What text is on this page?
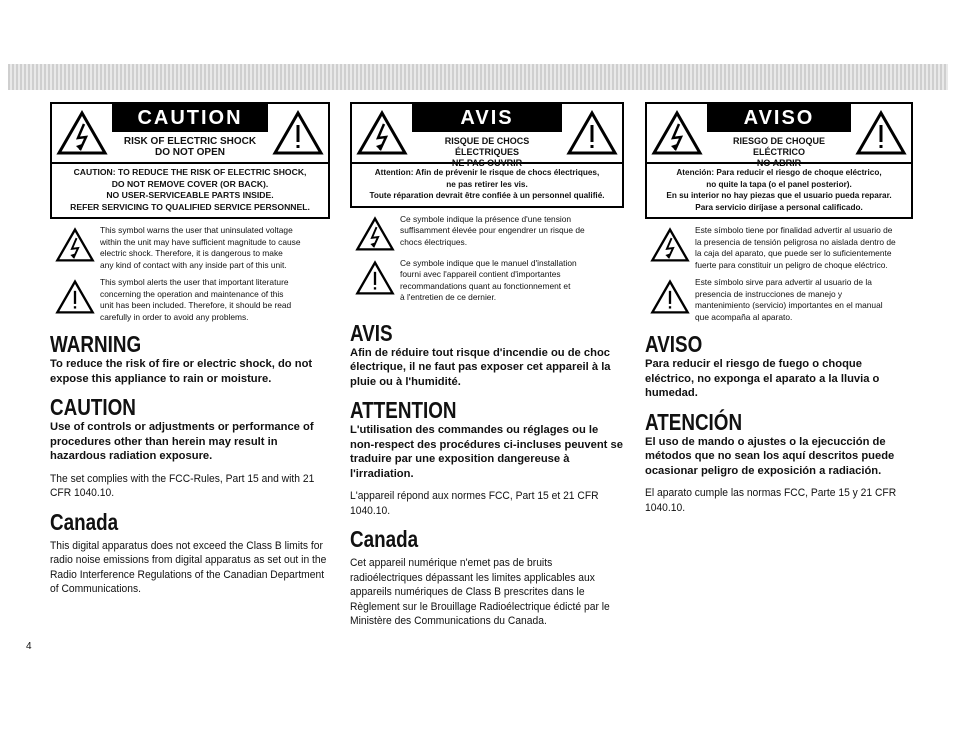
CAUTION
RISK OF ELECTRIC SHOCK
DO NOT OPEN
CAUTION: TO REDUCE THE RISK OF ELECTRIC SHOCK,
DO NOT REMOVE COVER (OR BACK).
NO USER-SERVICEABLE PARTS INSIDE.
REFER SERVICING TO QUALIFIED SERVICE PERSONNEL.
This symbol warns the user that uninsulated voltage
within the unit may have sufficient magnitude to cause
electric shock. Therefore, it is dangerous to make
any kind of contact with any inside part of this unit.
This symbol alerts the user that important literature
concerning the operation and maintenance of this
unit has been included. Therefore, it should be read
carefully in order to avoid any problems.
WARNING
To reduce the risk of fire or electric shock, do not expose this appliance to rain or moisture.
CAUTION
Use of controls or adjustments or performance of procedures other than herein may result in hazardous radiation exposure.
The set complies with the FCC-Rules, Part 15 and with 21 CFR 1040.10.
Canada
This digital apparatus does not exceed the Class B limits for radio noise emissions from digital apparatus as set out in the Radio Interference Regulations of the Canadian Department of Communications.
AVIS
RISQUE DE CHOCS ÉLECTRIQUES
NE PAS OUVRIR
Attention: Afin de prévenir le risque de chocs électriques,
ne pas retirer les vis.
Toute réparation devrait être confiée à un personnel qualifié.
Ce symbole indique la présence d'une tension
suffisamment élevée pour engendrer un risque de
chocs électriques.
Ce symbole indique que le manuel d'installation
fourni avec l'appareil contient d'importantes
recommandations quant au fonctionnement et
à l'entretien de ce dernier.
AVIS
Afin de réduire tout risque d'incendie ou de choc électrique, il ne faut pas exposer cet appareil à la pluie ou à l'humidité.
ATTENTION
L'utilisation des commandes ou réglages ou le non-respect des procédures ci-incluses peuvent se traduire par une exposition dangereuse à l'irradiation.
L'appareil répond aux normes FCC, Part 15 et 21 CFR 1040.10.
Canada
Cet appareil numérique n'emet pas de bruits radioélectriques dépassant les limites applicables aux appareils numériques de Class B prescrites dans le Règlement sur le Brouillage Radioélectrique édicté par le Ministère des Communications du Canada.
AVISO
RIESGO DE CHOQUE ELÉCTRICO
NO ABRIR
Atención: Para reducir el riesgo de choque eléctrico,
no quite la tapa (o el panel posterior).
En su interior no hay piezas que el usuario pueda reparar.
Para servicio diríjase a personal calificado.
Este símbolo tiene por finalidad advertir al usuario de
la presencia de tensión peligrosa no aislada dentro de
la caja del aparato, que puede ser lo suficientemente
fuerte para constituir un peligro de choque eléctrico.
Este símbolo sirve para advertir al usuario de la
presencia de instrucciones de manejo y
mantenimiento (servicio) importantes en el manual
que acompaña al aparato.
AVISO
Para reducir el riesgo de fuego o choque eléctrico, no exponga el aparato a la lluvia o humedad.
ATENCIÓN
El uso de mando o ajustes o la ejecucción de métodos que no sean los aquí descritos puede ocasionar peligro de exposición a radiación.
El aparato cumple las normas FCC, Parte 15 y 21 CFR 1040.10.
4
